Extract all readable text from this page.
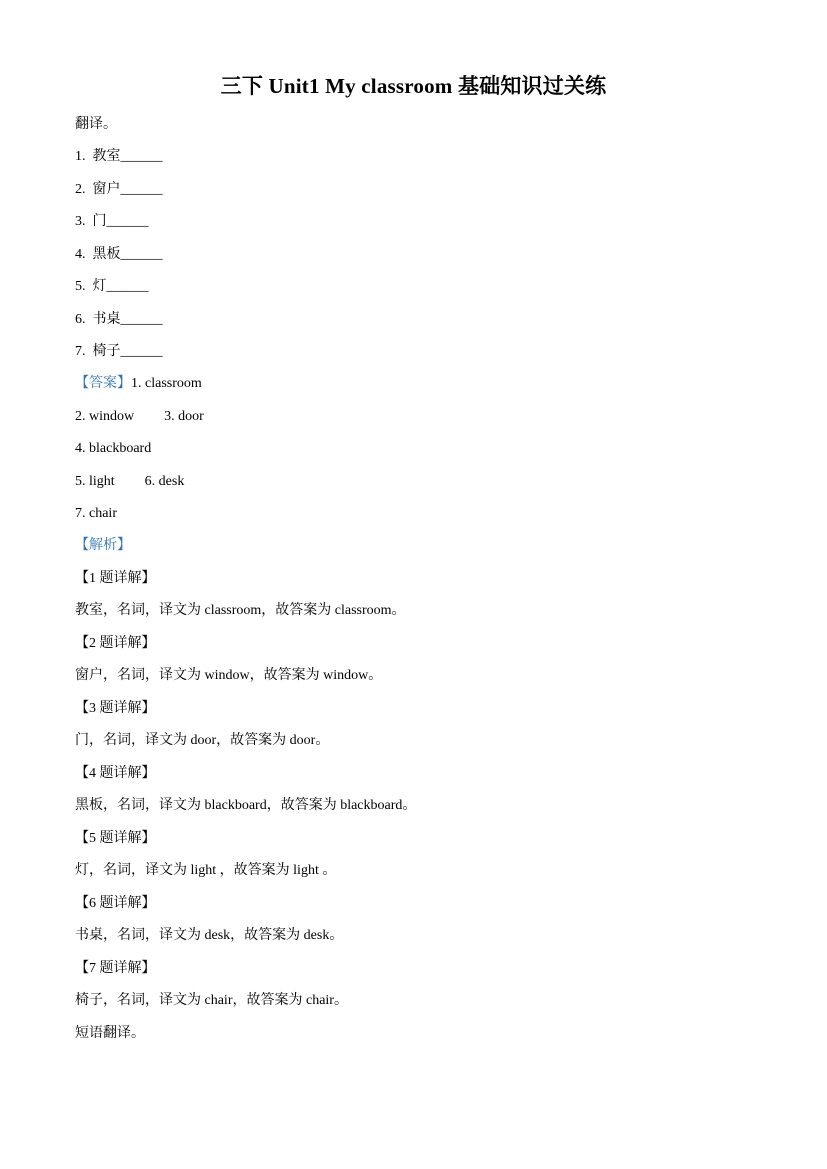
三下 Unit1 My classroom 基础知识过关练
翻译。
1. 教室______
2. 窗户______
3. 门______
4. 黑板______
5. 灯______
6. 书桌______
7. 椅子______
【答案】1. classroom
2. window 3. door
4. blackboard
5. light 6. desk
7. chair
【解析】
【1 题详解】
教室，名词，译文为 classroom，故答案为 classroom。
【2 题详解】
窗户，名词，译文为 window，故答案为 window。
【3 题详解】
门，名词，译文为 door，故答案为 door。
【4 题详解】
黑板，名词，译文为 blackboard，故答案为 blackboard。
【5 题详解】
灯，名词，译文为 light ，故答案为 light 。
【6 题详解】
书桌，名词，译文为 desk，故答案为 desk。
【7 题详解】
椅子，名词，译文为 chair，故答案为 chair。
短语翻译。
